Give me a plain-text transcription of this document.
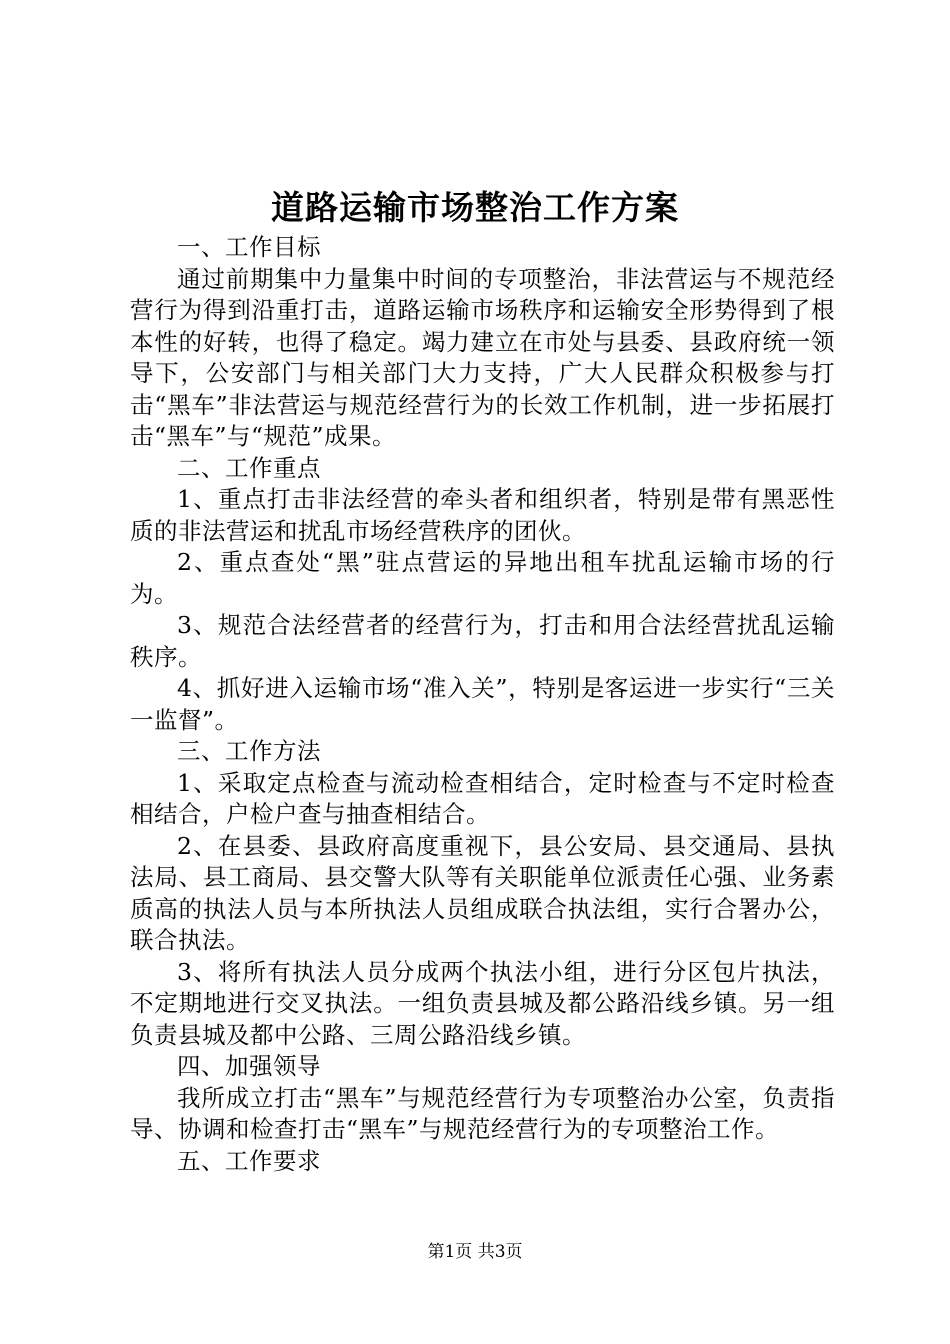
道路运输市场整治工作方案

一、工作目标

通过前期集中力量集中时间的专项整治，非法营运与不规范经营行为得到沿重打击，道路运输市场秩序和运输安全形势得到了根本性的好转，也得了稳定。竭力建立在市处与县委、县政府统一领导下，公安部门与相关部门大力支持，广大人民群众积极参与打击“黑车”非法营运与规范经营行为的长效工作机制，进一步拓展打击“黑车”与“规范”成果。

二、工作重点

1、重点打击非法经营的牵头者和组织者，特别是带有黑恶性质的非法营运和扰乱市场经营秩序的团伙。

2、重点查处“黑”驻点营运的异地出租车扰乱运输市场的行为。

3、规范合法经营者的经营行为，打击和用合法经营扰乱运输秩序。

4、抓好进入运输市场“准入关”，特别是客运进一步实行“三关一监督”。

三、工作方法

1、采取定点检查与流动检查相结合，定时检查与不定时检查相结合，户检户查与抽查相结合。

2、在县委、县政府高度重视下，县公安局、县交通局、县执法局、县工商局、县交警大队等有关职能单位派责任心强、业务素质高的执法人员与本所执法人员组成联合执法组，实行合署办公，联合执法。

3、将所有执法人员分成两个执法小组，进行分区包片执法，不定期地进行交叉执法。一组负责县城及都公路沿线乡镇。另一组负责县城及都中公路、三周公路沿线乡镇。

四、加强领导

我所成立打击“黑车”与规范经营行为专项整治办公室，负责指导、协调和检查打击“黑车”与规范经营行为的专项整治工作。

五、工作要求

第1页 共3页
